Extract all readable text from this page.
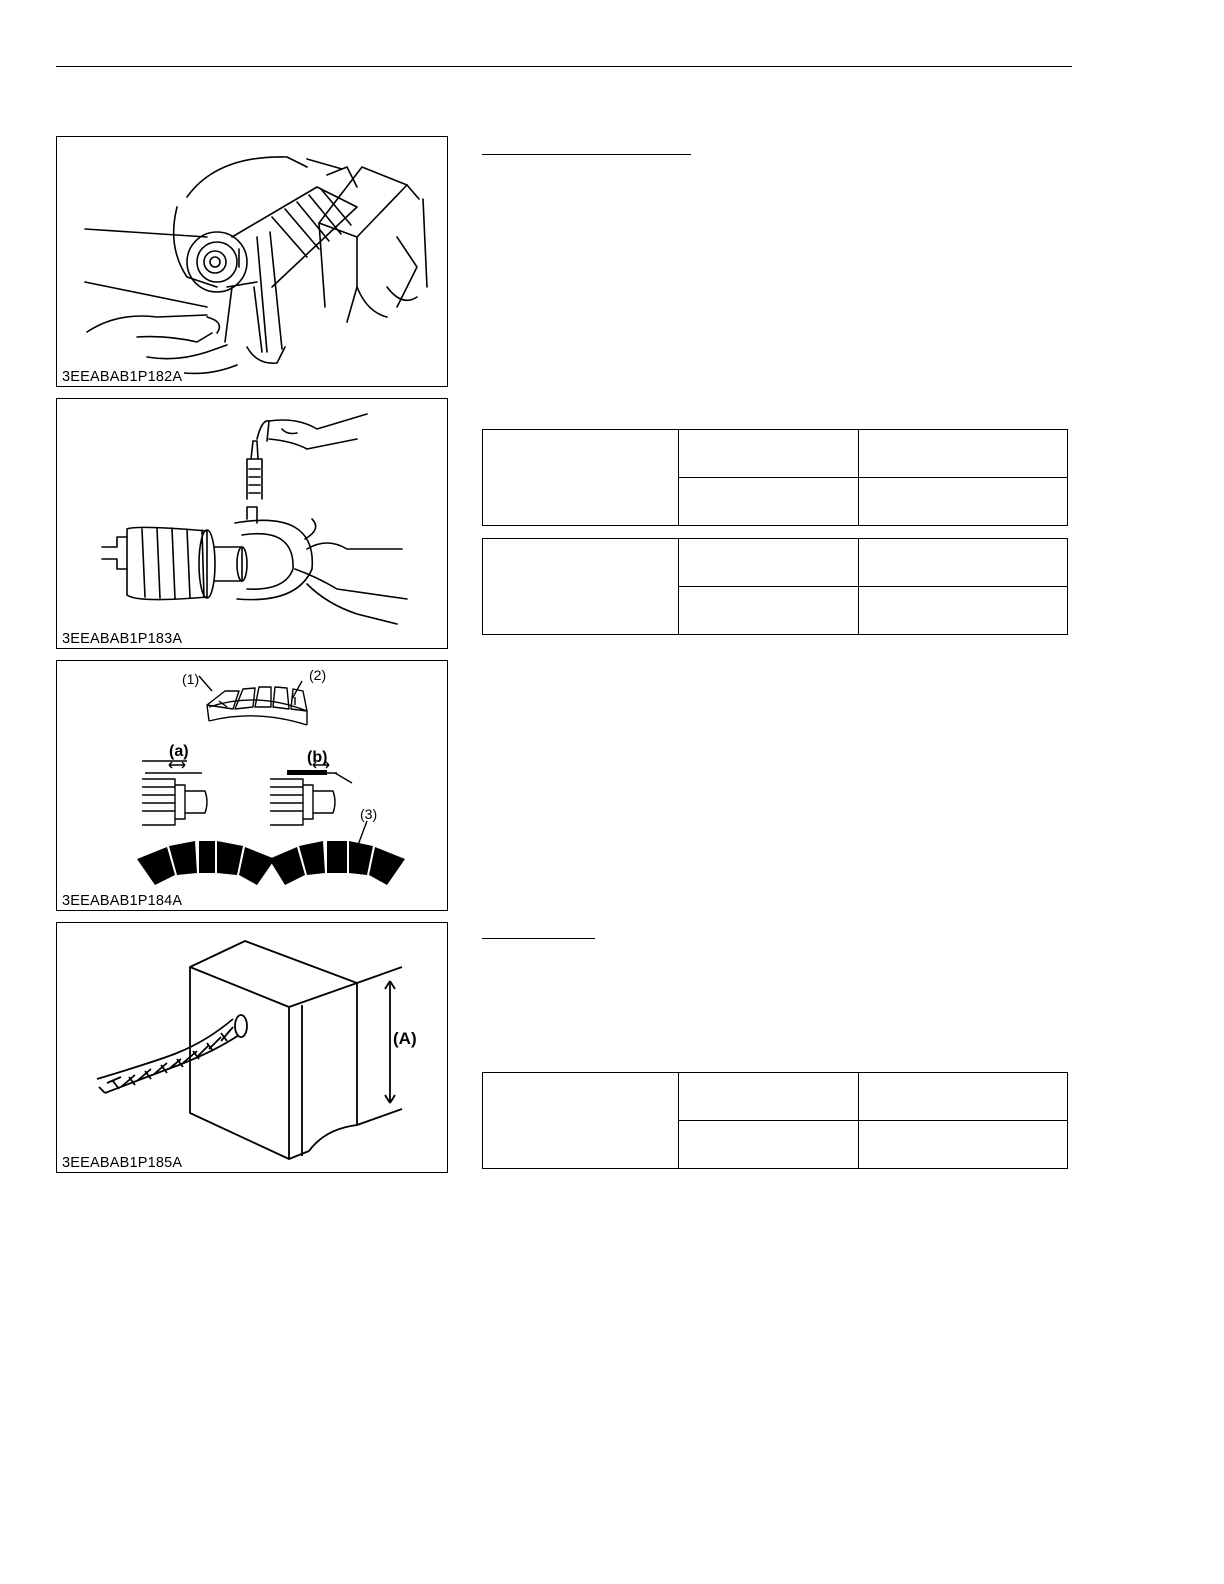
3EEABAB1P182A
3EEABAB1P183A
(1)	(2)
(3)
(a)	(b)
3EEABAB1P184A
(A)
3EEABAB1P185A
